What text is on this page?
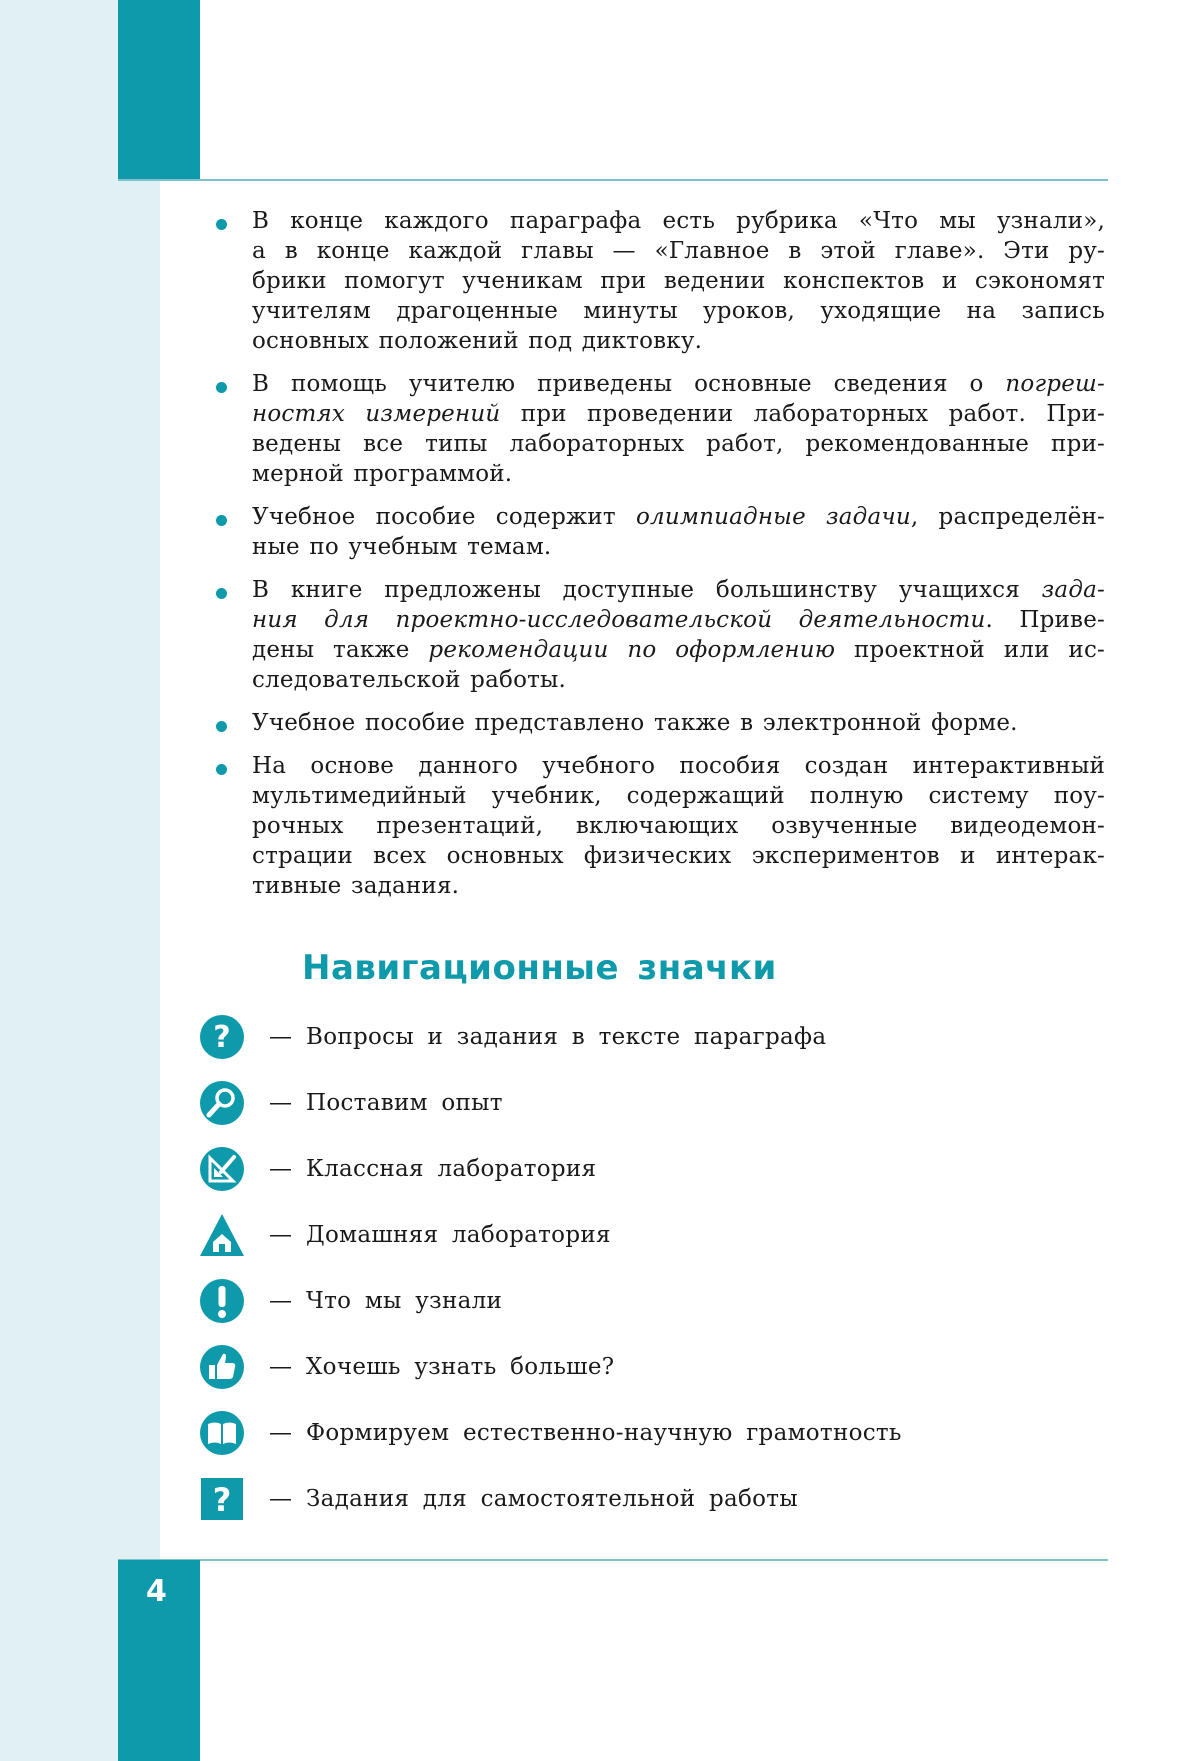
В конце каждого параграфа есть рубрика «Что мы узнали»,
а в конце каждой главы — «Главное в этой главе». Эти ру-
брики помогут ученикам при ведении конспектов и сэкономят
учителям драгоценные минуты уроков, уходящие на запись
основных положений под диктовку.
В помощь учителю приведены основные сведения о погреш-
ностях измерений при проведении лабораторных работ. При-
ведены все типы лабораторных работ, рекомендованные при-
мерной программой.
Учебное пособие содержит олимпиадные задачи, распределён-
ные по учебным темам.
В книге предложены доступные большинству учащихся зада-
ния для проектно-исследовательской деятельности. Приве-
дены также рекомендации по оформлению проектной или ис-
следовательской работы.
Учебное пособие представлено также в электронной форме.
На основе данного учебного пособия создан интерактивный
мультимедийный учебник, содержащий полную систему поу-
рочных презентаций, включающих озвученные видеодемон-
страции всех основных физических экспериментов и интерак-
тивные задания.
Навигационные значки
? — Вопросы и задания в тексте параграфа
— Поставим опыт
— Классная лаборатория
— Домашняя лаборатория
— Что мы узнали
— Хочешь узнать больше?
— Формируем естественно-научную грамотность
? — Задания для самостоятельной работы
4
